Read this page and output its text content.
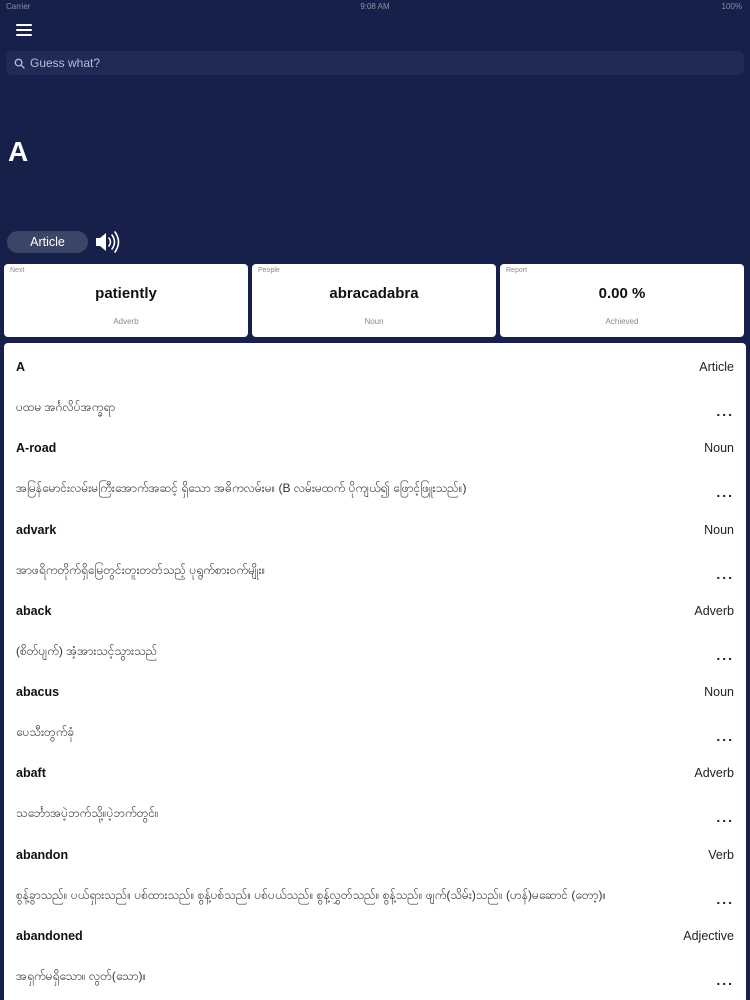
Carrier	9:08 AM	100%
Guess what?
A
Article
Next
patiently
Adverb
People
abracadabra
Noun
Report
0.00 %
Achieved
A	Article
ပထမ အင်္ဂလိပ်အက္ခရာ	...
A-road	Noun
အမြန်မောင်းလမ်းမကြီးအောက်အဆင့် ရှိသော အဓိကလမ်းမ။ (B လမ်းမထက် ပိုကျယ်၍ ဖြောင့်ဖြူးသည်။)	...
advark	Noun
အာဖရိကတိုက်ရှိမြေတွင်းတူးတတ်သည့် ပုရွက်စားဝက်မျိုး။	...
aback	Adverb
(စိတ်ပျက်) အံ့အားသင့်သွားသည်	...
abacus	Noun
ပေသီးတွက်ခုံ	...
abaft	Adverb
သင်္ဘောအပဲ့ဘက်သို့။ပဲ့ဘက်တွင်။	...
abandon	Verb
စွန့်ခွာသည်။ ပယ်ရှားသည်။ ပစ်ထားသည်။ စွန့်ပစ်သည်။ ပစ်ပယ်သည်။ စွန့်လွှတ်သည်။ စွန့်သည်။ ဖျက်(သိမ်း)သည်။ (ဟန်)မဆောင် (တော့)။	...
abandoned	Adjective
အရှက်မရှိသော။ လွတ်(သော)။	...
